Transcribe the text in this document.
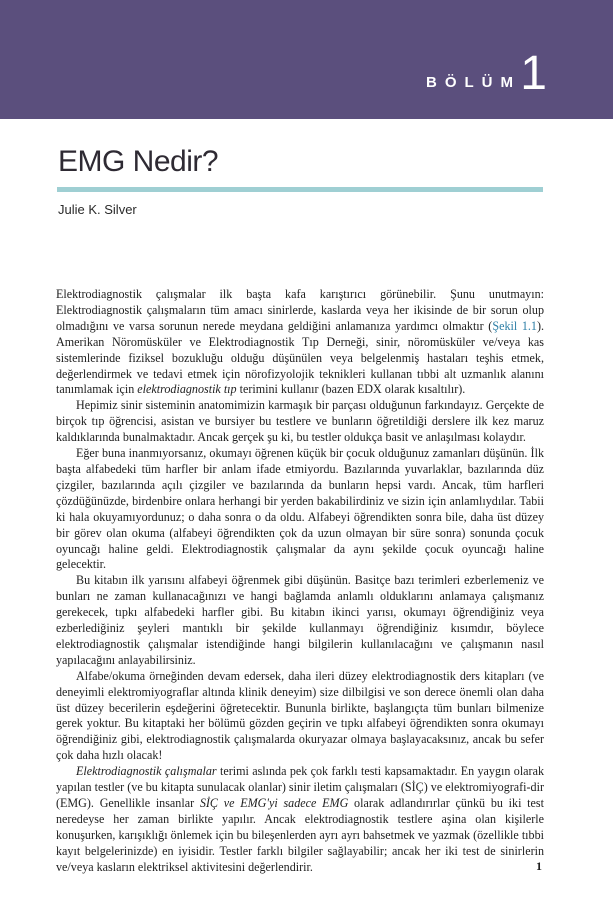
BÖLÜM 1
EMG Nedir?
Julie K. Silver

Elektrodiagnostik çalışmalar ilk başta kafa karıştırıcı görünebilir. Şunu unutmayın: Elektrodiagnostik çalışmaların tüm amacı sinirlerde, kaslarda veya her ikisinde de bir sorun olup olmadığını ve varsa sorunun nerede meydana geldiğini anlamanıza yardımcı olmaktır (Şekil 1.1). Amerikan Nöromüsküler ve Elektrodiagnostik Tıp Derneği, sinir, nöromüsküler ve/veya kas sistemlerinde fiziksel bozukluğu olduğu düşünülen veya belgelenmiş hastaları teşhis etmek, değerlendirmek ve tedavi etmek için nörofizyolojik teknikleri kullanan tıbbi alt uzmanlık alanını tanımlamak için elektrodiagnostik tıp terimini kullanır (bazen EDX olarak kısaltılır).

Hepimiz sinir sisteminin anatomimizin karmaşık bir parçası olduğunun farkındayız. Gerçekte de birçok tıp öğrencisi, asistan ve bursiyer bu testlere ve bunların öğretildiği derslere ilk kez maruz kaldıklarında bunalmaktadır. Ancak gerçek şu ki, bu testler oldukça basit ve anlaşılması kolaydır.

Eğer buna inanmıyorsanız, okumayı öğrenen küçük bir çocuk olduğunuz zamanları düşünün. İlk başta alfabedeki tüm harfler bir anlam ifade etmiyordu. Bazılarında yuvarlaklar, bazılarında düz çizgiler, bazılarında açılı çizgiler ve bazılarında da bunların hepsi vardı. Ancak, tüm harfleri çözdüğünüzde, birdenbire onlara herhangi bir yerden bakabilirdiniz ve sizin için anlamlıydılar. Tabii ki hala okuyamıyordunuz; o daha sonra o da oldu. Alfabeyi öğrendikten sonra bile, daha üst düzey bir görev olan okuma (alfabeyi öğrendikten çok da uzun olmayan bir süre sonra) sonunda çocuk oyuncağı haline geldi. Elektrodiagnostik çalışmalar da aynı şekilde çocuk oyuncağı haline gelecektir.

Bu kitabın ilk yarısını alfabeyi öğrenmek gibi düşünün. Basitçe bazı terimleri ezberlemeniz ve bunları ne zaman kullanacağınızı ve hangi bağlamda anlamlı olduklarını anlamaya çalışmanız gerekecek, tıpkı alfabedeki harfler gibi. Bu kitabın ikinci yarısı, okumayı öğrendiğiniz veya ezberlediğiniz şeyleri mantıklı bir şekilde kullanmayı öğrendiğiniz kısımdır, böylece elektrodiagnostik çalışmalar istendiğinde hangi bilgilerin kullanılacağını ve çalışmanın nasıl yapılacağını anlayabilirsiniz.

Alfabe/okuma örneğinden devam edersek, daha ileri düzey elektrodiagnostik ders kitapları (ve deneyimli elektromiyograflar altında klinik deneyim) size dilbilgisi ve son derece önemli olan daha üst düzey becerilerin eşdeğerini öğretecektir. Bununla birlikte, başlangıçta tüm bunları bilmenize gerek yoktur. Bu kitaptaki her bölümü gözden geçirin ve tıpkı alfabeyi öğrendikten sonra okumayı öğrendiğiniz gibi, elektrodiagnostik çalışmalarda okuryazar olmaya başlayacaksınız, ancak bu sefer çok daha hızlı olacak!

Elektrodiagnostik çalışmalar terimi aslında pek çok farklı testi kapsamaktadır. En yaygın olarak yapılan testler (ve bu kitapta sunulacak olanlar) sinir iletim çalışmaları (SİÇ) ve elektromiyografi-dir (EMG). Genellikle insanlar SİÇ ve EMG'yi sadece EMG olarak adlandırırlar çünkü bu iki test neredeyse her zaman birlikte yapılır. Ancak elektrodiagnostik testlere aşina olan kişilerle konuşurken, karışıklığı önlemek için bu bileşenlerden ayrı ayrı bahsetmek ve yazmak (özellikle tıbbi kayıt belgelerinizde) en iyisidir. Testler farklı bilgiler sağlayabilir; ancak her iki test de sinirlerin ve/veya kasların elektriksel aktivitesini değerlendirir.	1
